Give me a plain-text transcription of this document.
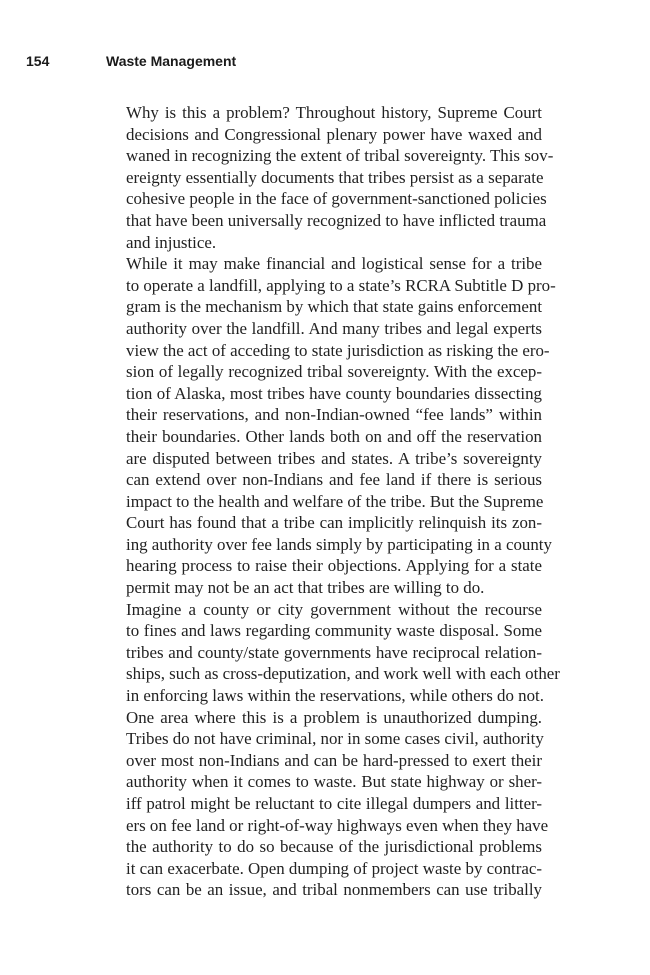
154	Waste Management

Why is this a problem? Throughout history, Supreme Court
decisions and Congressional plenary power have waxed and
waned in recognizing the extent of tribal sovereignty. This sov-
ereignty essentially documents that tribes persist as a separate
cohesive people in the face of government-sanctioned policies
that have been universally recognized to have inflicted trauma
and injustice.

While it may make financial and logistical sense for a tribe
to operate a landfill, applying to a state’s RCRA Subtitle D pro-
gram is the mechanism by which that state gains enforcement
authority over the landfill. And many tribes and legal experts
view the act of acceding to state jurisdiction as risking the ero-
sion of legally recognized tribal sovereignty. With the excep-
tion of Alaska, most tribes have county boundaries dissecting
their reservations, and non-Indian-owned “fee lands” within
their boundaries. Other lands both on and off the reservation
are disputed between tribes and states. A tribe’s sovereignty
can extend over non-Indians and fee land if there is serious
impact to the health and welfare of the tribe. But the Supreme
Court has found that a tribe can implicitly relinquish its zon-
ing authority over fee lands simply by participating in a county
hearing process to raise their objections. Applying for a state
permit may not be an act that tribes are willing to do.

Imagine a county or city government without the recourse
to fines and laws regarding community waste disposal. Some
tribes and county/state governments have reciprocal relation-
ships, such as cross-deputization, and work well with each other
in enforcing laws within the reservations, while others do not.
One area where this is a problem is unauthorized dumping.
Tribes do not have criminal, nor in some cases civil, authority
over most non-Indians and can be hard-pressed to exert their
authority when it comes to waste. But state highway or sher-
iff patrol might be reluctant to cite illegal dumpers and litter-
ers on fee land or right-of-way highways even when they have
the authority to do so because of the jurisdictional problems
it can exacerbate. Open dumping of project waste by contrac-
tors can be an issue, and tribal nonmembers can use tribally
